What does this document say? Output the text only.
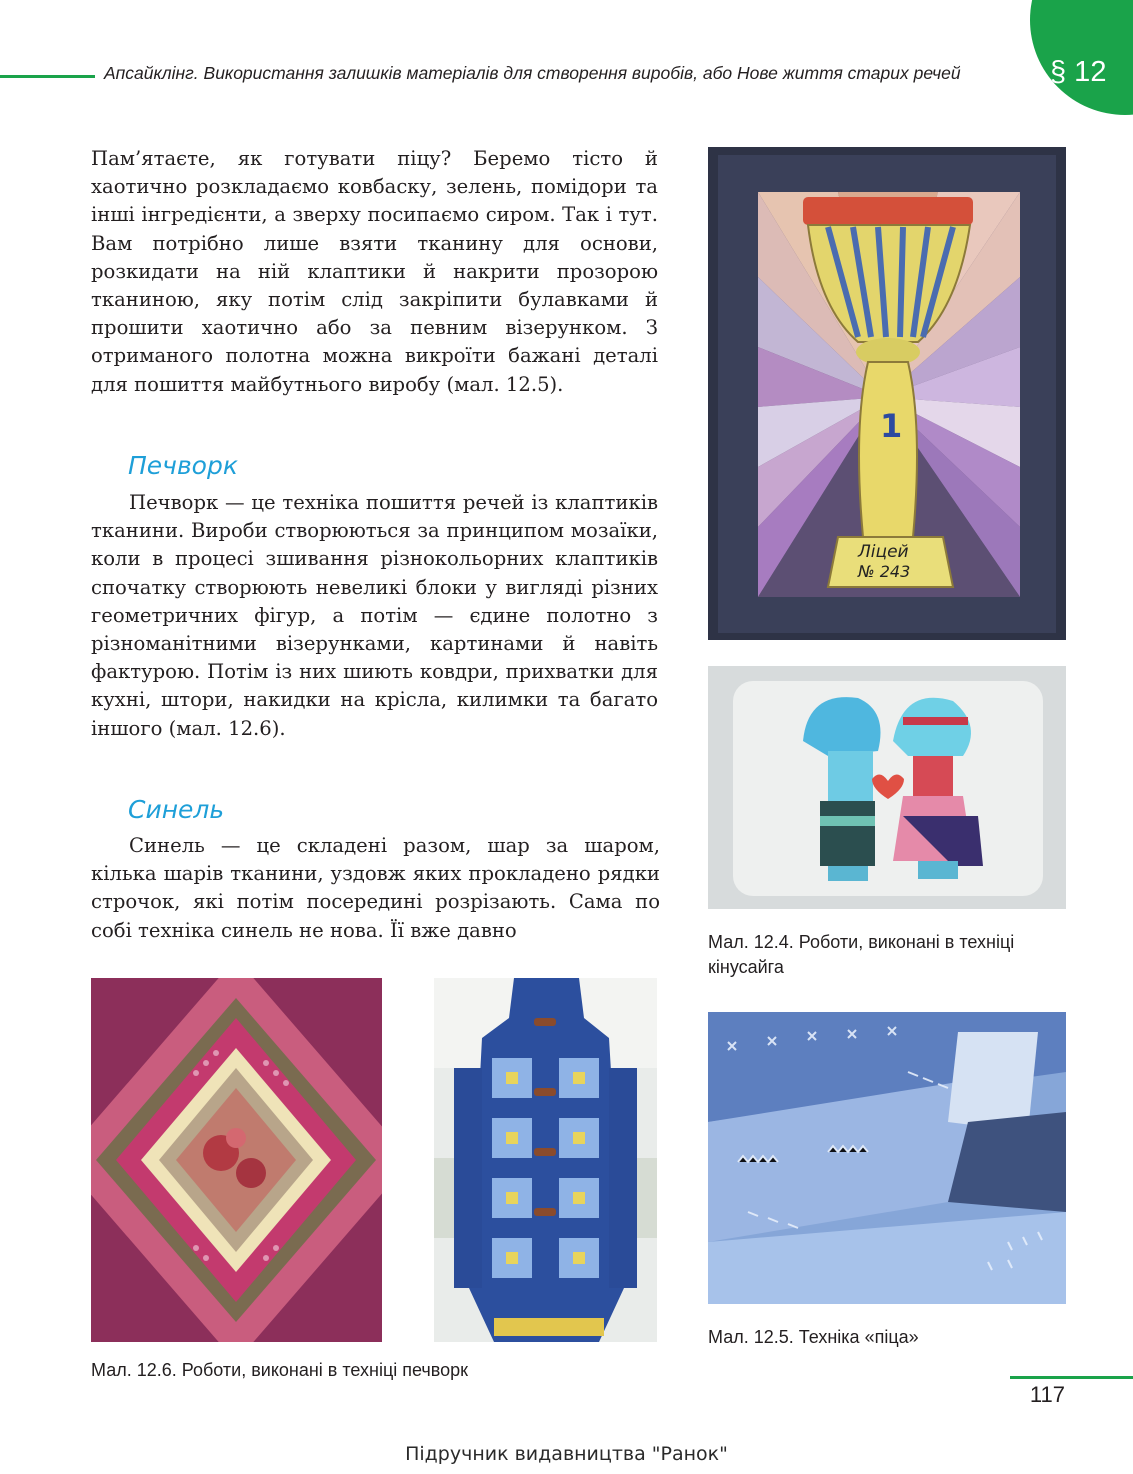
Апсайклінг. Використання залишків матеріалів для створення виробів, або Нове життя старих речей	§ 12

Пам’ятаєте, як готувати піцу? Беремо тісто й хаотично розкладаємо ковбаску, зелень, помідори та інші інгредієнти, а зверху посипаємо сиром. Так і тут. Вам потрібно лише взяти тканину для основи, розкидати на ній клаптики й накрити прозорою тканиною, яку потім слід закріпити булавками й прошити хаотично або за певним візерунком. З отриманого полотна можна викроїти бажані деталі для пошиття майбутнього виробу (мал. 12.5).

Печворк

Печворк — це техніка пошиття речей із клаптиків тканини. Вироби створюються за принципом мозаїки, коли в процесі зшивання різнокольорних клаптиків спочатку створюють невеликі блоки у вигляді різних геометричних фігур, а потім — єдине полотно з різноманітними візерунками, картинами й навіть фактурою. Потім із них шиють ковдри, прихватки для кухні, штори, накидки на крісла, килимки та багато іншого (мал. 12.6).

Синель

Синель — це складені разом, шар за шаром, кілька шарів тканини, уздовж яких прокладено рядки строчок, які потім посередині розрізають. Сама по собі техніка синель не нова. Її вже давно

1
Ліцей
№ 243
Мал. 12.4. Роботи, виконані в техніці кінусайга
Мал. 12.5. Техніка «піца»
Мал. 12.6. Роботи, виконані в техніці печворк
117
Підручник видавництва "Ранок"
